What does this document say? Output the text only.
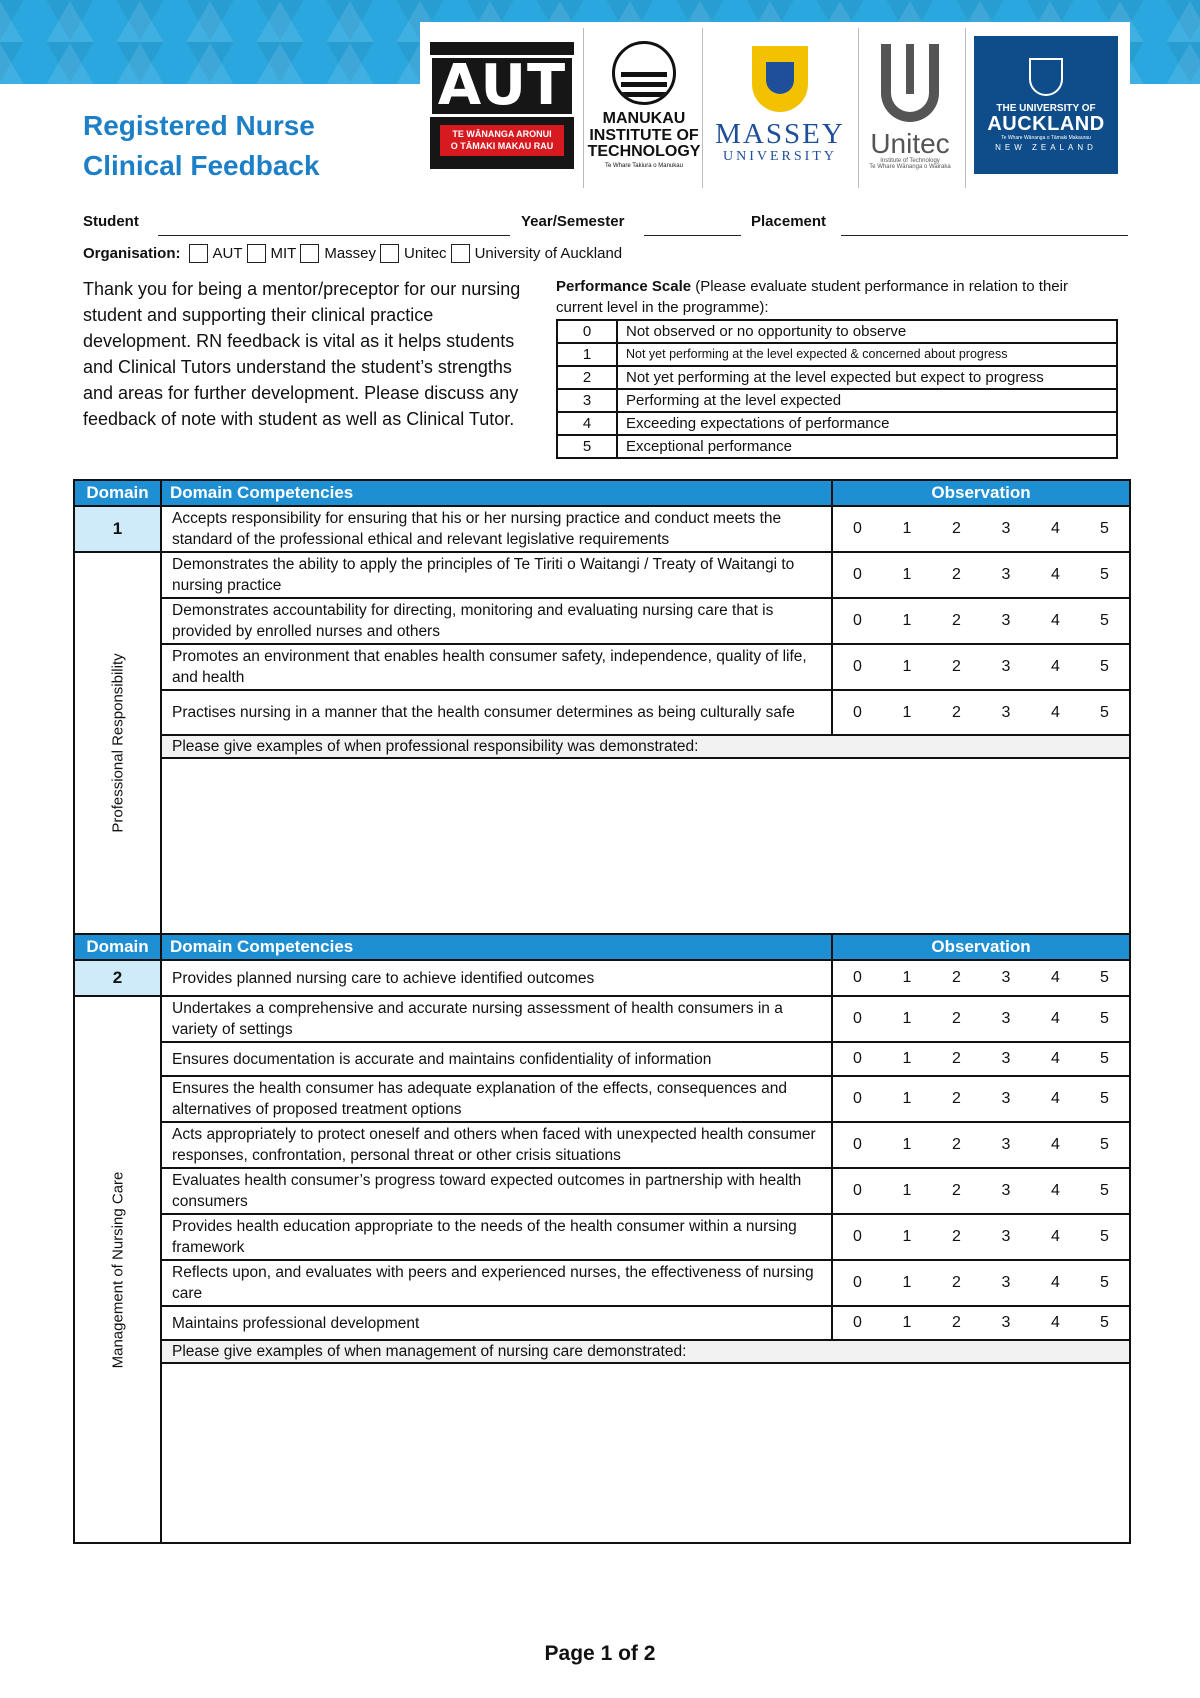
AUT
TE WĀNANGA ARONUI
O TĀMAKI MAKAU RAU
MANUKAU
INSTITUTE OF
TECHNOLOGY
Te Whare Takiura o Manukau
MASSEY
UNIVERSITY Unitec
Institute of Technology
Te Whare Wānanga o Wairaka
THE UNIVERSITY OF
AUCKLAND
Te Whare Wānanga o Tāmaki Makaurau
NEW ZEALAND
Registered Nurse
Clinical Feedback
Student	Year/Semester	Placement
Organisation: AUT MIT Massey Unitec University of Auckland
Thank you for being a mentor/preceptor for our nursing student and supporting their clinical practice development. RN feedback is vital as it helps students and Clinical Tutors understand the student’s strengths and areas for further development. Please discuss any feedback of note with student as well as Clinical Tutor.
Performance Scale (Please evaluate student performance in relation to their current level in the programme):
0	Not observed or no opportunity to observe
1	Not yet performing at the level expected & concerned about progress
2	Not yet performing at the level expected but expect to progress
3	Performing at the level expected
4	Exceeding expectations of performance
5	Exceptional performance
Domain	Domain Competencies	Observation					
1	Accepts responsibility for ensuring that his or her nursing practice and conduct meets the standard of the professional ethical and relevant legislative requirements	0	1	2	3	4	5

Professional Responsibility	Demonstrates the ability to apply the principles of Te Tiriti o Waitangi / Treaty of Waitangi to nursing practice	0	1	2	3	4	5
	Demonstrates accountability for directing, monitoring and evaluating nursing care that is provided by enrolled nurses and others	0	1	2	3	4	5
	Promotes an environment that enables health consumer safety, independence, quality of life, and health	0	1	2	3	4	5
	Practises nursing in a manner that the health consumer determines as being culturally safe	0	1	2	3	4	5
	Please give examples of when professional responsibility was demonstrated:						

Domain	Domain Competencies	Observation					
2	Provides planned nursing care to achieve identified outcomes	0	1	2	3	4	5

Management of Nursing Care	Undertakes a comprehensive and accurate nursing assessment of health consumers in a variety of settings	0	1	2	3	4	5
	Ensures documentation is accurate and maintains confidentiality of information	0	1	2	3	4	5
	Ensures the health consumer has adequate explanation of the effects, consequences and alternatives of proposed treatment options	0	1	2	3	4	5
	Acts appropriately to protect oneself and others when faced with unexpected health consumer responses, confrontation, personal threat or other crisis situations	0	1	2	3	4	5
	Evaluates health consumer’s progress toward expected outcomes in partnership with health consumers	0	1	2	3	4	5
	Provides health education appropriate to the needs of the health consumer within a nursing framework	0	1	2	3	4	5
	Reflects upon, and evaluates with peers and experienced nurses, the effectiveness of nursing care	0	1	2	3	4	5
	Maintains professional development	0	1	2	3	4	5
	Please give examples of when management of nursing care demonstrated:						

Page 1 of 2
